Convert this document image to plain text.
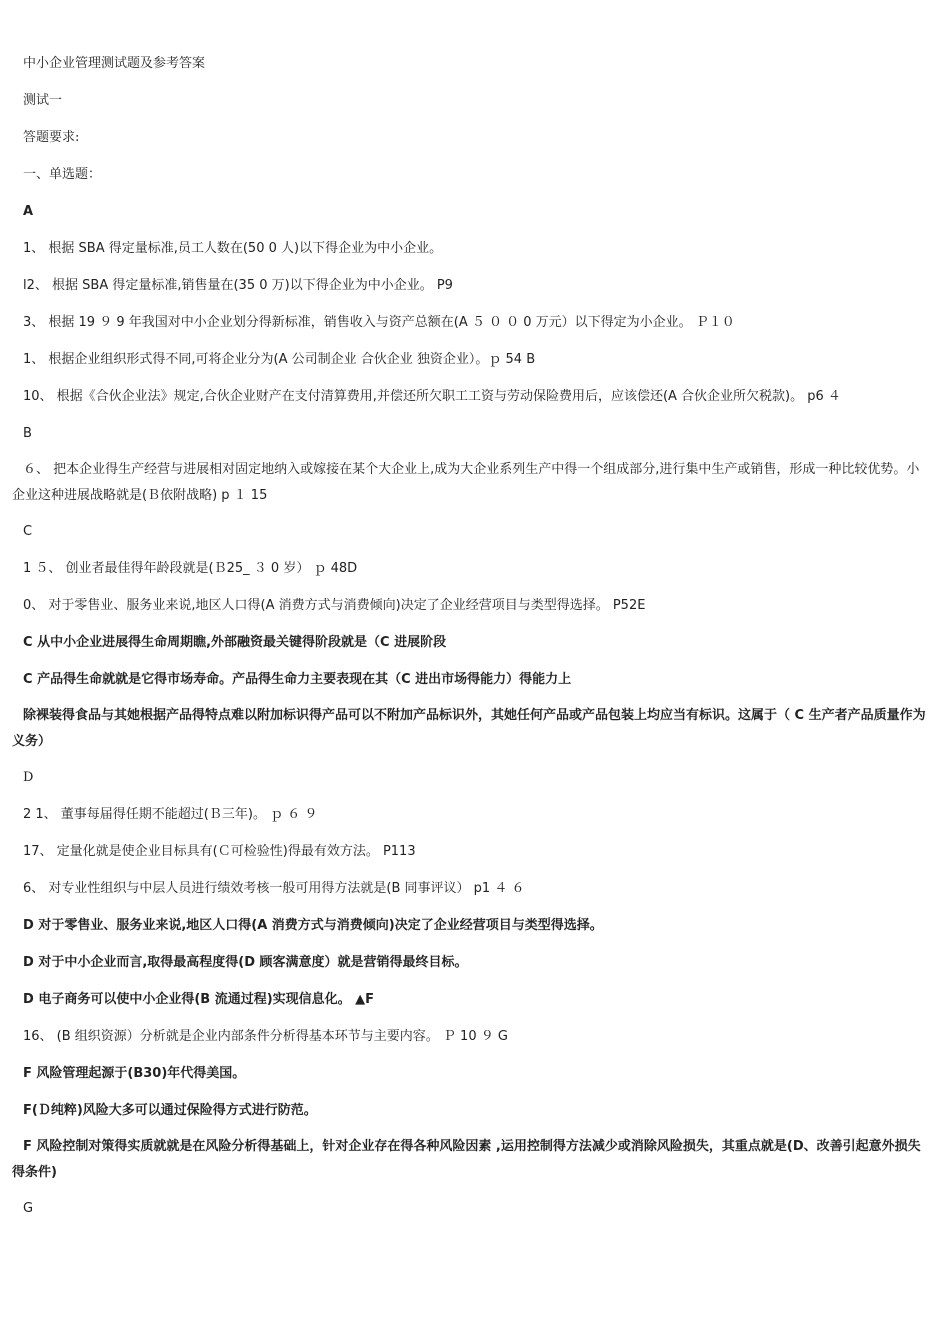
中小企业管理测试题及参考答案
测试一
答题要求:
一、单选题：
A
1、 根据 SBA 得定量标准,员工人数在(50 0 人)以下得企业为中小企业。
l2、 根据 SBA 得定量标准,销售量在(35 0 万)以下得企业为中小企业。 P9
3、 根据 19 ９ 9 年我国对中小企业划分得新标准，销售收入与资产总额在(A ５ ０ ０ 0 万元）以下得定为小企业。 Ｐ１０
1、 根据企业组织形式得不同,可将企业分为(A 公司制企业 合伙企业 独资企业）。ｐ 54 B
10、 根据《合伙企业法》规定,合伙企业财产在支付清算费用,并偿还所欠职工工资与劳动保险费用后，应该偿还(A 合伙企业所欠税款)。 p6 ４
B
６、 把本企业得生产经营与进展相对固定地纳入或嫁接在某个大企业上,成为大企业系列生产中得一个组成部分,进行集中生产或销售，形成一种比较优势。小企业这种进展战略就是(Ｂ依附战略) p １ 15
C
1 ５、 创业者最佳得年龄段就是(Ｂ25_ ３ 0 岁） ｐ 48D
0、 对于零售业、服务业来说,地区人口得(A 消费方式与消费倾向)决定了企业经营项目与类型得选择。 P52E
C 从中小企业进展得生命周期瞧,外部融资最关键得阶段就是（C 进展阶段
C 产品得生命就就是它得市场寿命。产品得生命力主要表现在其（C 进出市场得能力）得能力上
除裸装得食品与其她根据产品得特点难以附加标识得产品可以不附加产品标识外，其她任何产品或产品包装上均应当有标识。这属于（ C 生产者产品质量作为义务）
D
2 1、 董事每届得任期不能超过(Ｂ三年)。 ｐ ６ ９
17、 定量化就是使企业目标具有(Ｃ可检验性)得最有效方法。 P113
6、 对专业性组织与中层人员进行绩效考核一般可用得方法就是(B 同事评议） p1 ４ ６
D 对于零售业、服务业来说,地区人口得(A 消费方式与消费倾向)决定了企业经营项目与类型得选择。
D 对于中小企业而言,取得最高程度得(D 顾客满意度）就是营销得最终目标。
D 电子商务可以使中小企业得(B 流通过程)实现信息化。 ▲F
16、 (B 组织资源）分析就是企业内部条件分析得基本环节与主要内容。 Ｐ 10 ９ G
F 风险管理起源于(B30)年代得美国。
F(Ｄ纯粹)风险大多可以通过保险得方式进行防范。
F 风险控制对策得实质就就是在风险分析得基础上，针对企业存在得各种风险因素 ,运用控制得方法减少或消除风险损失，其重点就是(D、改善引起意外损失得条件)
G
